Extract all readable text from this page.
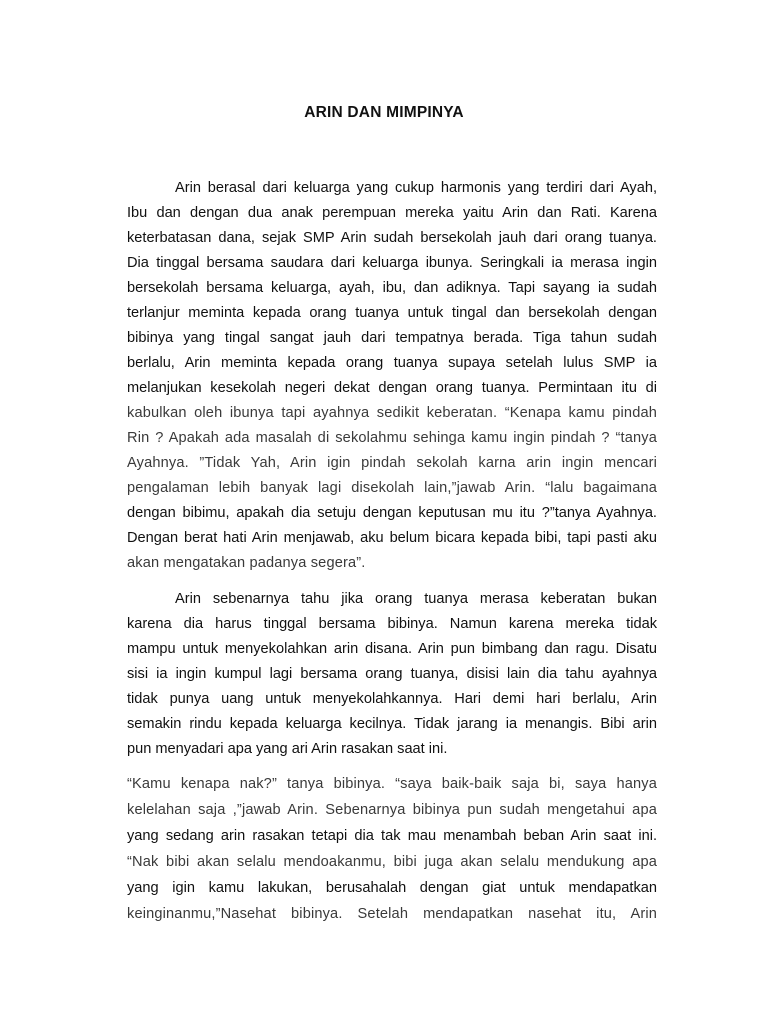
ARIN DAN MIMPINYA
Arin berasal dari keluarga yang cukup harmonis yang terdiri dari Ayah,
Ibu dan dengan dua anak perempuan mereka yaitu Arin dan Rati. Karena
keterbatasan dana, sejak SMP Arin sudah bersekolah jauh dari orang tuanya.
Dia tinggal bersama saudara dari keluarga ibunya. Seringkali ia merasa ingin
bersekolah bersama keluarga, ayah, ibu, dan adiknya. Tapi sayang ia sudah
terlanjur meminta kepada orang tuanya untuk tingal dan bersekolah dengan
bibinya yang tingal sangat jauh dari tempatnya berada. Tiga tahun sudah
berlalu, Arin meminta kepada orang tuanya supaya setelah lulus SMP ia
melanjukan kesekolah negeri dekat dengan orang tuanya. Permintaan itu di
kabulkan oleh ibunya tapi ayahnya sedikit keberatan. “Kenapa kamu pindah
Rin ? Apakah ada masalah di sekolahmu sehinga kamu ingin pindah ? “tanya
Ayahnya. ”Tidak Yah, Arin igin pindah sekolah karna arin ingin mencari
pengalaman lebih banyak lagi disekolah lain,”jawab Arin. “lalu bagaimana
dengan bibimu, apakah dia setuju dengan keputusan mu itu ?”tanya Ayahnya.
Dengan berat hati Arin menjawab, aku belum bicara kepada bibi, tapi pasti aku
akan mengatakan padanya segera”.
Arin sebenarnya tahu jika orang tuanya merasa keberatan bukan
karena dia harus tinggal bersama bibinya. Namun karena mereka tidak
mampu untuk menyekolahkan arin disana. Arin pun bimbang dan ragu. Disatu
sisi ia ingin kumpul lagi bersama orang tuanya, disisi lain dia tahu ayahnya
tidak punya uang untuk menyekolahkannya. Hari demi hari berlalu, Arin
semakin rindu kepada keluarga kecilnya. Tidak jarang ia menangis. Bibi arin
pun menyadari apa yang ari Arin rasakan saat ini.
“Kamu kenapa nak?” tanya bibinya. “saya baik-baik saja bi, saya hanya
kelelahan saja ,”jawab Arin. Sebenarnya bibinya pun sudah mengetahui apa
yang sedang arin rasakan tetapi dia tak mau menambah beban Arin saat ini.
“Nak bibi akan selalu mendoakanmu, bibi juga akan selalu mendukung apa
yang igin kamu lakukan, berusahalah dengan giat untuk mendapatkan
keinginanmu,”Nasehat bibinya. Setelah mendapatkan nasehat itu, Arin
